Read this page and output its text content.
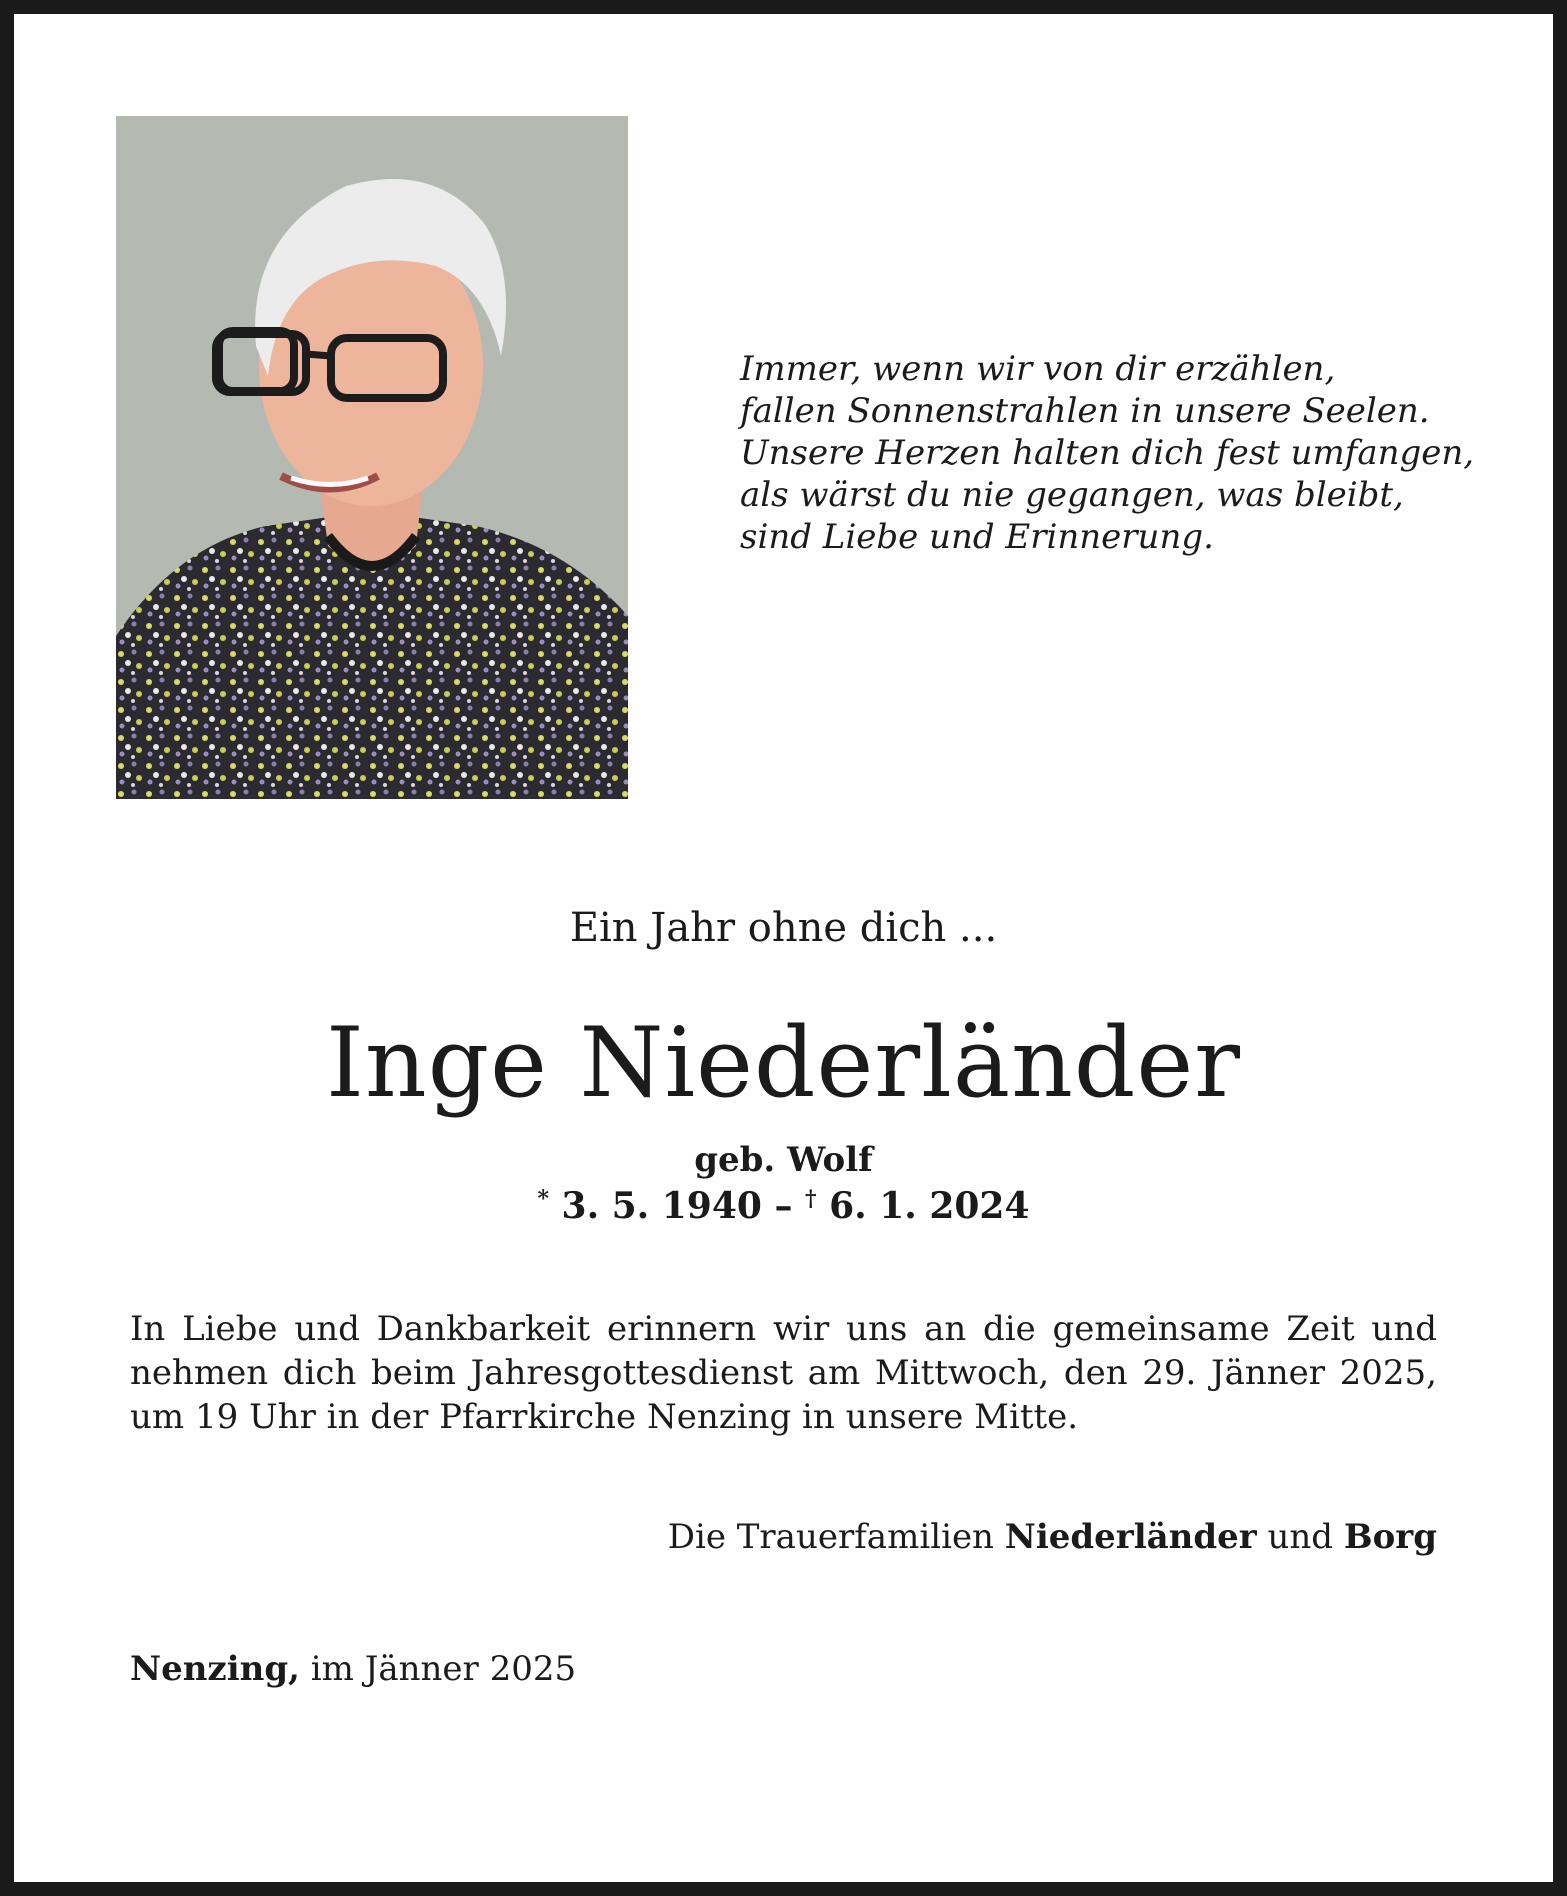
Immer, wenn wir von dir erzählen,
fallen Sonnenstrahlen in unsere Seelen.
Unsere Herzen halten dich fest umfangen,
als wärst du nie gegangen, was bleibt,
sind Liebe und Erinnerung.
Ein Jahr ohne dich ...
Inge Niederländer
geb. Wolf
* 3. 5. 1940 – † 6. 1. 2024
In Liebe und Dankbarkeit erinnern wir uns an die gemeinsame Zeit und
nehmen dich beim Jahresgottesdienst am Mittwoch, den 29. Jänner 2025,
um 19 Uhr in der Pfarrkirche Nenzing in unsere Mitte.
Die Trauerfamilien Niederländer und Borg
Nenzing, im Jänner 2025
